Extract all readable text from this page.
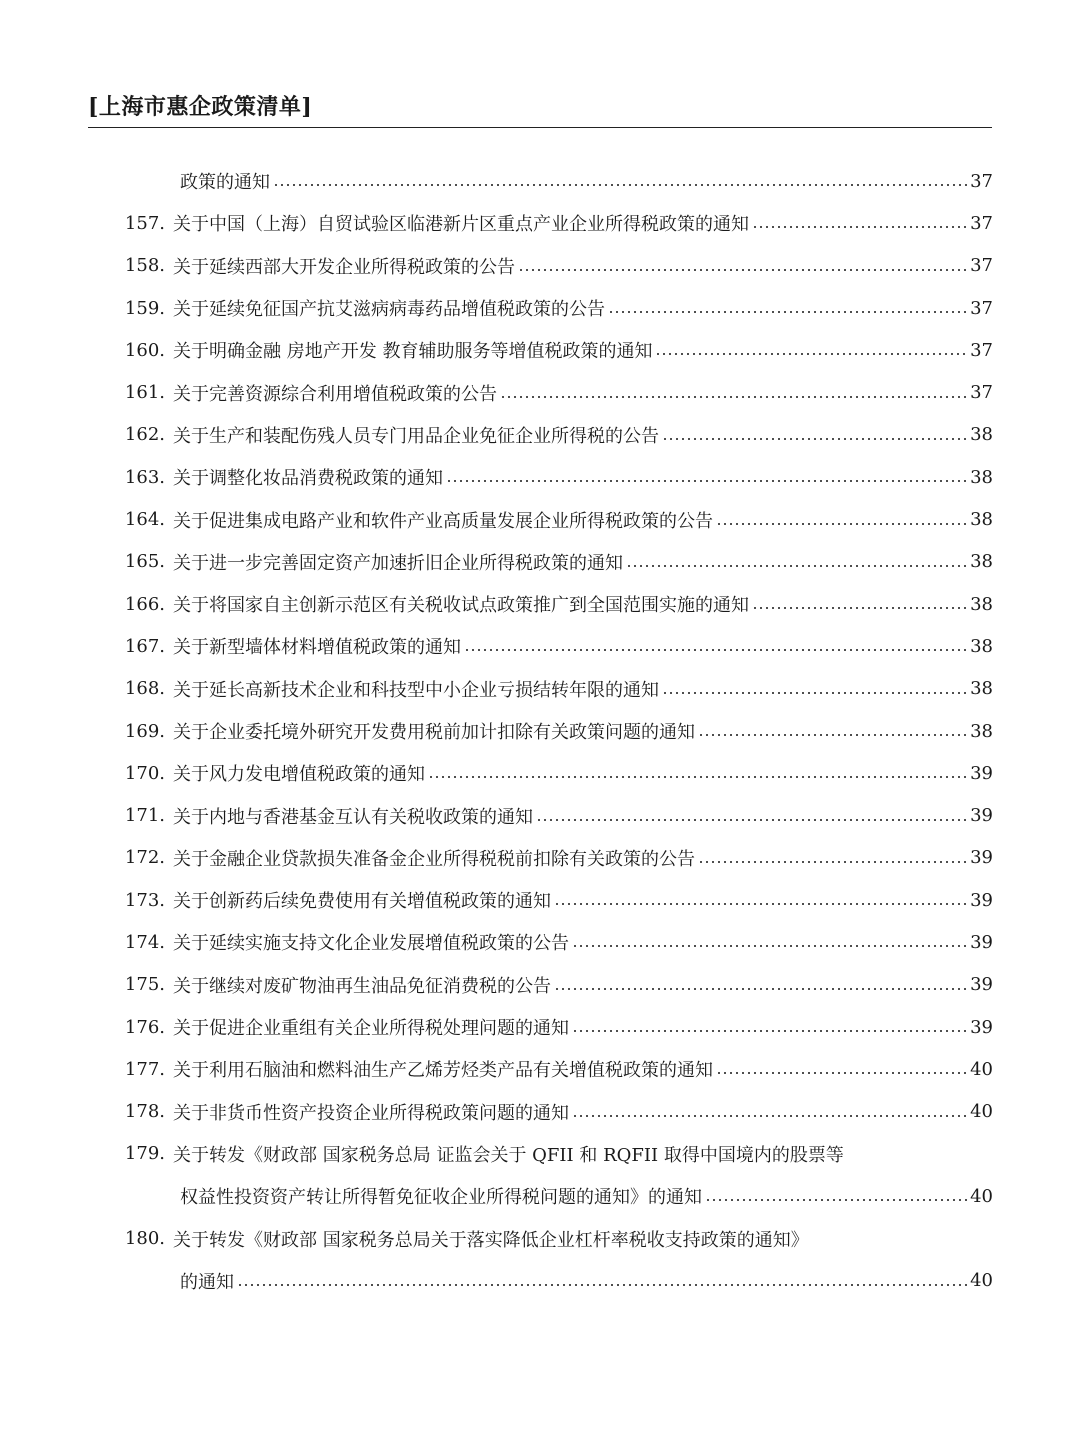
[上海市惠企政策清单]
政策的通知	37
157. 关于中国（上海）自贸试验区临港新片区重点产业企业所得税政策的通知	37
158. 关于延续西部大开发企业所得税政策的公告	37
159. 关于延续免征国产抗艾滋病病毒药品增值税政策的公告	37
160. 关于明确金融 房地产开发 教育辅助服务等增值税政策的通知	37
161. 关于完善资源综合利用增值税政策的公告	37
162. 关于生产和装配伤残人员专门用品企业免征企业所得税的公告	38
163. 关于调整化妆品消费税政策的通知	38
164. 关于促进集成电路产业和软件产业高质量发展企业所得税政策的公告	38
165. 关于进一步完善固定资产加速折旧企业所得税政策的通知	38
166. 关于将国家自主创新示范区有关税收试点政策推广到全国范围实施的通知	38
167. 关于新型墙体材料增值税政策的通知	38
168. 关于延长高新技术企业和科技型中小企业亏损结转年限的通知	38
169. 关于企业委托境外研究开发费用税前加计扣除有关政策问题的通知	38
170. 关于风力发电增值税政策的通知	39
171. 关于内地与香港基金互认有关税收政策的通知	39
172. 关于金融企业贷款损失准备金企业所得税税前扣除有关政策的公告	39
173. 关于创新药后续免费使用有关增值税政策的通知	39
174. 关于延续实施支持文化企业发展增值税政策的公告	39
175. 关于继续对废矿物油再生油品免征消费税的公告	39
176. 关于促进企业重组有关企业所得税处理问题的通知	39
177. 关于利用石脑油和燃料油生产乙烯芳烃类产品有关增值税政策的通知	40
178. 关于非货币性资产投资企业所得税政策问题的通知	40
179. 关于转发《财政部 国家税务总局 证监会关于 QFII 和 RQFII 取得中国境内的股票等
权益性投资资产转让所得暂免征收企业所得税问题的通知》的通知	40
180. 关于转发《财政部 国家税务总局关于落实降低企业杠杆率税收支持政策的通知》
的通知	40
